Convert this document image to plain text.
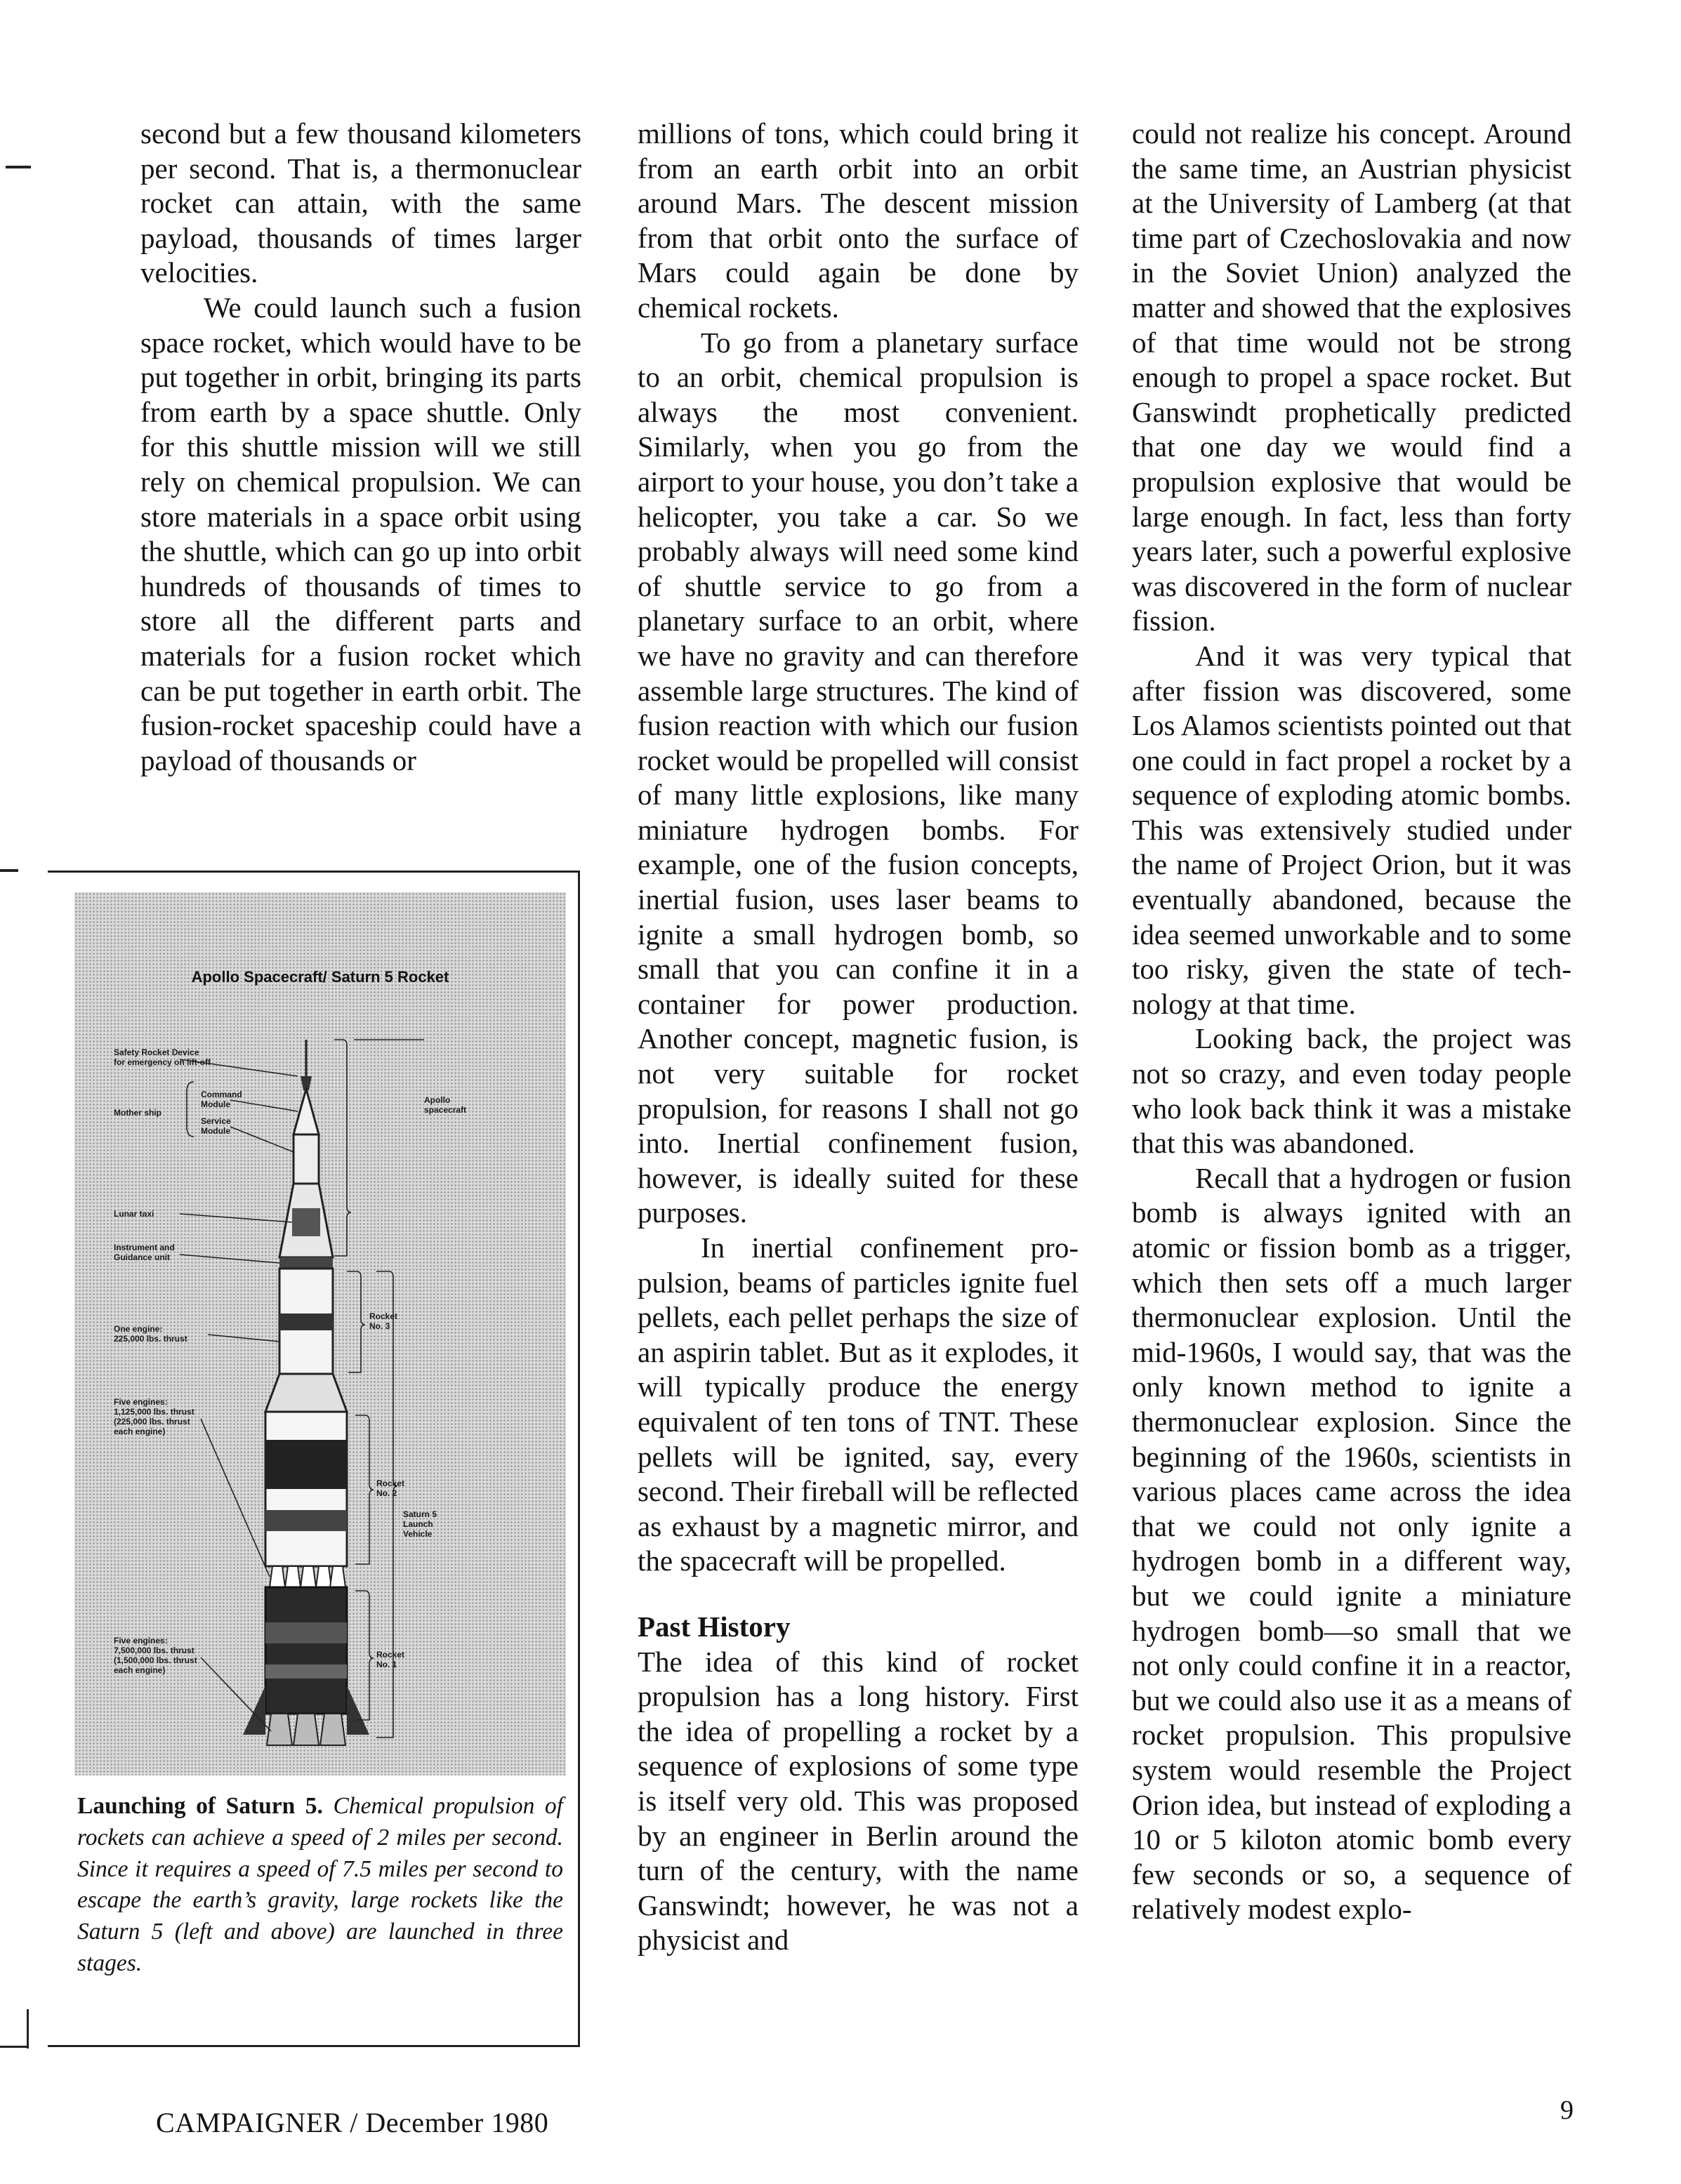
second but a few thousand kilometers per second. That is, a thermonuclear rocket can attain, with the same payload, thousands of times larger velocities.

We could launch such a fusion space rocket, which would have to be put together in orbit, bringing its parts from earth by a space shuttle. Only for this shuttle mission will we still rely on chemical propulsion. We can store materials in a space orbit using the shuttle, which can go up into orbit hundreds of thousands of times to store all the different parts and materials for a fusion rocket which can be put together in earth orbit. The fusion-rocket spaceship could have a payload of thousands or

millions of tons, which could bring it from an earth orbit into an orbit around Mars. The descent mission from that orbit onto the surface of Mars could again be done by chemical rockets.

To go from a planetary surface to an orbit, chemical propulsion is always the most convenient. Similarly, when you go from the airport to your house, you don’t take a helicopter, you take a car. So we probably always will need some kind of shuttle service to go from a planetary surface to an orbit, where we have no gravity and can therefore assemble large structures. The kind of fusion reaction with which our fusion rocket would be propelled will consist of many little explosions, like many miniature hydrogen bombs. For example, one of the fusion concepts, inertial fusion, uses laser beams to ignite a small hydrogen bomb, so small that you can confine it in a container for power production. Another concept, magnetic fusion, is not very suitable for rocket propulsion, for reasons I shall not go into. Inertial confinement fusion, however, is ideally suited for these purposes.

In inertial confinement propulsion, beams of particles ignite fuel pellets, each pellet perhaps the size of an aspirin tablet. But as it explodes, it will typically produce the energy equivalent of ten tons of TNT. These pellets will be ignited, say, every second. Their fireball will be reflected as exhaust by a magnetic mirror, and the spacecraft will be propelled.

Past History

The idea of this kind of rocket propulsion has a long history. First the idea of propelling a rocket by a sequence of explosions of some type is itself very old. This was proposed by an engineer in Berlin around the turn of the century, with the name Ganswindt; however, he was not a physicist and

could not realize his concept. Around the same time, an Austrian physicist at the University of Lamberg (at that time part of Czechoslovakia and now in the Soviet Union) analyzed the matter and showed that the explosives of that time would not be strong enough to propel a space rocket. But Ganswindt prophetically predicted that one day we would find a propulsion explosive that would be large enough. In fact, less than forty years later, such a powerful explosive was discovered in the form of nuclear fission.

And it was very typical that after fission was discovered, some Los Alamos scientists pointed out that one could in fact propel a rocket by a sequence of exploding atomic bombs. This was extensively studied under the name of Project Orion, but it was eventually abandoned, because the idea seemed unworkable and to some too risky, given the state of technology at that time.

Looking back, the project was not so crazy, and even today people who look back think it was a mistake that this was abandoned.

Recall that a hydrogen or fusion bomb is always ignited with an atomic or fission bomb as a trigger, which then sets off a much larger thermonuclear explosion. Until the mid-1960s, I would say, that was the only known method to ignite a thermonuclear explosion. Since the beginning of the 1960s, scientists in various places came across the idea that we could not only ignite a hydrogen bomb in a different way, but we could ignite a miniature hydrogen bomb—so small that we not only could confine it in a reactor, but we could also use it as a means of rocket propulsion. This propulsive system would resemble the Project Orion idea, but instead of exploding a 10 or 5 kiloton atomic bomb every few seconds or so, a sequence of relatively modest explo-

Apollo Spacecraft/ Saturn 5 Rocket
Safety Rocket Device
for emergency on lift-off
Command
Module
Mother ship
Service
Module
Lunar taxi
Instrument and
Guidance unit
One engine:
225,000 lbs. thrust
Five engines:
1,125,000 lbs. thrust
(225,000 lbs. thrust
each engine)
Five engines:
7,500,000 lbs. thrust
(1,500,000 lbs. thrust
each engine)
Apollo
spacecraft
Rocket
No. 3
Rocket
No. 2
Saturn 5
Launch
Vehicle
Rocket
No. 1
Launching of Saturn 5. Chemical propulsion of rockets can achieve a speed of 2 miles per second. Since it requires a speed of 7.5 miles per second to escape the earth’s gravity, large rockets like the Saturn 5 (left and above) are launched in three stages.
CAMPAIGNER / December 1980	9
